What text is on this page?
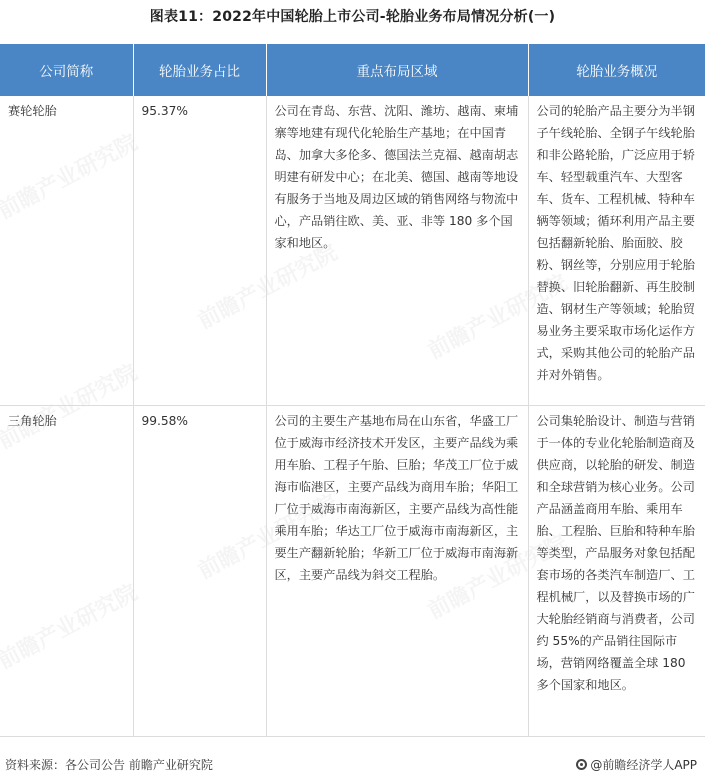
图表11：2022年中国轮胎上市公司-轮胎业务布局情况分析(一)
公司简称	轮胎业务占比	重点布局区域	轮胎业务概况
赛轮轮胎	95.37%	公司在青岛、东营、沈阳、潍坊、越南、柬埔寨等地建有现代化轮胎生产基地；在中国青岛、加拿大多伦多、德国法兰克福、越南胡志明建有研发中心；在北美、德国、越南等地设有服务于当地及周边区域的销售网络与物流中心，产品销往欧、美、亚、非等 180 多个国家和地区。	公司的轮胎产品主要分为半钢子午线轮胎、全钢子午线轮胎和非公路轮胎，广泛应用于轿车、轻型载重汽车、大型客车、货车、工程机械、特种车辆等领域；循环利用产品主要包括翻新轮胎、胎面胶、胶粉、钢丝等，分别应用于轮胎替换、旧轮胎翻新、再生胶制造、钢材生产等领域；轮胎贸易业务主要采取市场化运作方式，采购其他公司的轮胎产品并对外销售。
三角轮胎	99.58%	公司的主要生产基地布局在山东省，华盛工厂位于威海市经济技术开发区，主要产品线为乘用车胎、工程子午胎、巨胎；华茂工厂位于威海市临港区，主要产品线为商用车胎；华阳工厂位于威海市南海新区，主要产品线为高性能乘用车胎；华达工厂位于威海市南海新区，主要生产翻新轮胎；华新工厂位于威海市南海新区，主要产品线为斜交工程胎。	公司集轮胎设计、制造与营销于一体的专业化轮胎制造商及供应商，以轮胎的研发、制造和全球营销为核心业务。公司产品涵盖商用车胎、乘用车胎、工程胎、巨胎和特种车胎等类型，产品服务对象包括配套市场的各类汽车制造厂、工程机械厂，以及替换市场的广大轮胎经销商与消费者，公司约 55%的产品销往国际市场，营销网络覆盖全球 180 多个国家和地区。
资料来源：各公司公告 前瞻产业研究院	@前瞻经济学人APP
